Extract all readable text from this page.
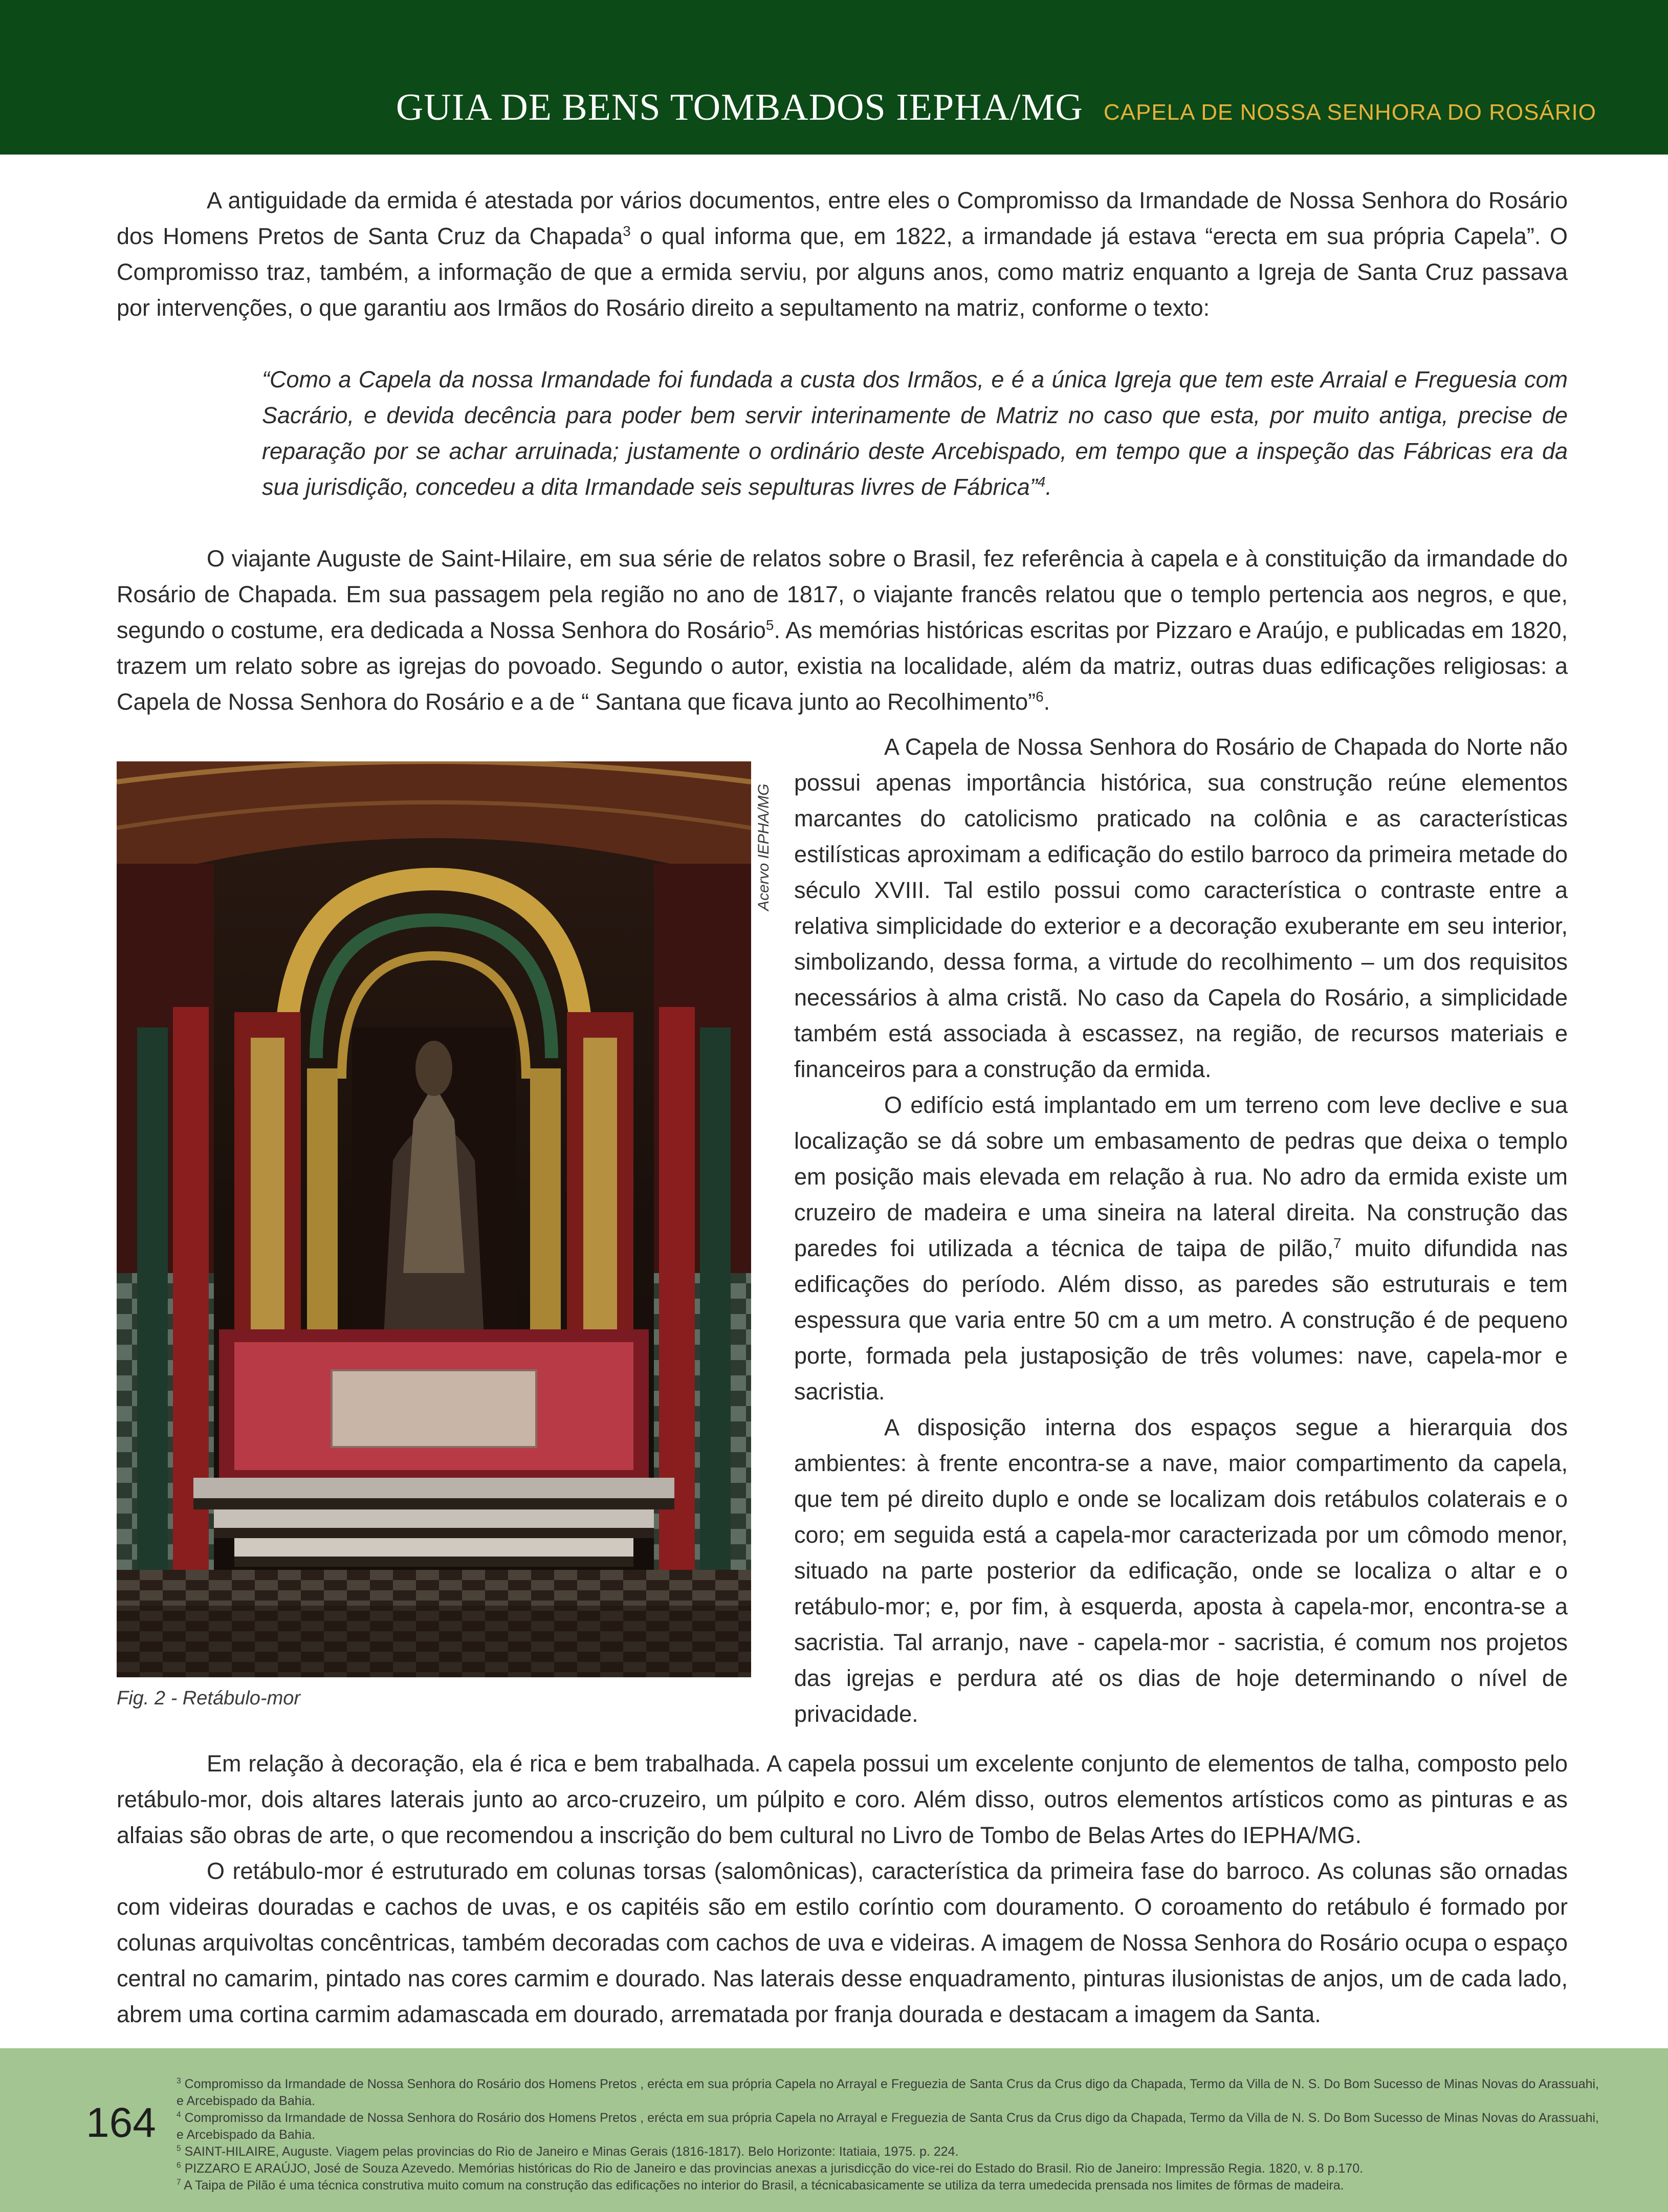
GUIA DE BENS TOMBADOS IEPHA/MG CAPELA DE NOSSA SENHORA DO ROSÁRIO

A antiguidade da ermida é atestada por vários documentos, entre eles o Compromisso da Irmandade de Nossa Senhora do Rosário dos Homens Pretos de Santa Cruz da Chapada$^3$ o qual informa que, em 1822, a irmandade já estava “erecta em sua própria Capela”. O Compromisso traz, também, a informação de que a ermida serviu, por alguns anos, como matriz enquanto a Igreja de Santa Cruz passava por intervenções, o que garantiu aos Irmãos do Rosário direito a sepultamento na matriz, conforme o texto:

“Como a Capela da nossa Irmandade foi fundada a custa dos Irmãos, e é a única Igreja que tem este Arraial e Freguesia com Sacrário, e devida decência para poder bem servir interinamente de Matriz no caso que esta, por muito antiga, precise de reparação por se achar arruinada; justamente o ordinário deste Arcebispado, em tempo que a inspeção das Fábricas era da sua jurisdição, concedeu a dita Irmandade seis sepulturas livres de Fábrica”$^4$.

O viajante Auguste de Saint-Hilaire, em sua série de relatos sobre o Brasil, fez referência à capela e à constituição da irmandade do Rosário de Chapada. Em sua passagem pela região no ano de 1817, o viajante francês relatou que o templo pertencia aos negros, e que, segundo o costume, era dedicada a Nossa Senhora do Rosário$^5$. As memórias históricas escritas por Pizzaro e Araújo, e publicadas em 1820, trazem um relato sobre as igrejas do povoado. Segundo o autor, existia na localidade, além da matriz, outras duas edificações religiosas: a Capela de Nossa Senhora do Rosário e a de “ Santana que ficava junto ao Recolhimento”$^6$.

Acervo IEPHA/MG
Fig. 2 - Retábulo-mor

A Capela de Nossa Senhora do Rosário de Chapada do Norte não possui apenas importância histórica, sua construção reúne elementos marcantes do catolicismo praticado na colônia e as características estilísticas aproximam a edificação do estilo barroco da primeira metade do século XVIII. Tal estilo possui como característica o contraste entre a relativa simplicidade do exterior e a decoração exuberante em seu interior, simbolizando, dessa forma, a virtude do recolhimento – um dos requisitos necessários à alma cristã. No caso da Capela do Rosário, a simplicidade também está associada à escassez, na região, de recursos materiais e financeiros para a construção da ermida.

O edifício está implantado em um terreno com leve declive e sua localização se dá sobre um embasamento de pedras que deixa o templo em posição mais elevada em relação à rua. No adro da ermida existe um cruzeiro de madeira e uma sineira na lateral direita. Na construção das paredes foi utilizada a técnica de taipa de pilão,$^7$ muito difundida nas edificações do período. Além disso, as paredes são estruturais e tem espessura que varia entre 50 cm a um metro. A construção é de pequeno porte, formada pela justaposição de três volumes: nave, capela-mor e sacristia.

A disposição interna dos espaços segue a hierarquia dos ambientes: à frente encontra-se a nave, maior compartimento da capela, que tem pé direito duplo e onde se localizam dois retábulos colaterais e o coro; em seguida está a capela-mor caracterizada por um cômodo menor, situado na parte posterior da edificação, onde se localiza o altar e o retábulo-mor; e, por fim, à esquerda, aposta à capela-mor, encontra-se a sacristia. Tal arranjo, nave - capela-mor - sacristia, é comum nos projetos das igrejas e perdura até os dias de hoje determinando o nível de privacidade.

Em relação à decoração, ela é rica e bem trabalhada. A capela possui um excelente conjunto de elementos de talha, composto pelo retábulo-mor, dois altares laterais junto ao arco-cruzeiro, um púlpito e coro. Além disso, outros elementos artísticos como as pinturas e as alfaias são obras de arte, o que recomendou a inscrição do bem cultural no Livro de Tombo de Belas Artes do IEPHA/MG.

O retábulo-mor é estruturado em colunas torsas (salomônicas), característica da primeira fase do barroco. As colunas são ornadas com videiras douradas e cachos de uvas, e os capitéis são em estilo coríntio com douramento. O coroamento do retábulo é formado por colunas arquivoltas concêntricas, também decoradas com cachos de uva e videiras. A imagem de Nossa Senhora do Rosário ocupa o espaço central no camarim, pintado nas cores carmim e dourado. Nas laterais desse enquadramento, pinturas ilusionistas de anjos, um de cada lado, abrem uma cortina carmim adamascada em dourado, arrematada por franja dourada e destacam a imagem da Santa.

164

$^3$ Compromisso da Irmandade de Nossa Senhora do Rosário dos Homens Pretos , erécta em sua própria Capela no Arrayal e Freguezia de Santa Crus da Crus digo da Chapada, Termo da Villa de N. S. Do Bom Sucesso de Minas Novas do Arassuahi, e Arcebispado da Bahia.

$^4$ Compromisso da Irmandade de Nossa Senhora do Rosário dos Homens Pretos , erécta em sua própria Capela no Arrayal e Freguezia de Santa Crus da Crus digo da Chapada, Termo da Villa de N. S. Do Bom Sucesso de Minas Novas do Arassuahi, e Arcebispado da Bahia.

$^5$ SAINT-HILAIRE, Auguste. Viagem pelas provincias do Rio de Janeiro e Minas Gerais (1816-1817). Belo Horizonte: Itatiaia, 1975. p. 224.

$^6$ PIZZARO E ARAÚJO, José de Souza Azevedo. Memórias históricas do Rio de Janeiro e das provincias anexas a jurisdicção do vice-rei do Estado do Brasil. Rio de Janeiro: Impressão Regia. 1820, v. 8 p.170.

$^7$ A Taipa de Pilão é uma técnica construtiva muito comum na construção das edificações no interior do Brasil, a técnicabasicamente se utiliza da terra umedecida prensada nos limites de fôrmas de madeira.
